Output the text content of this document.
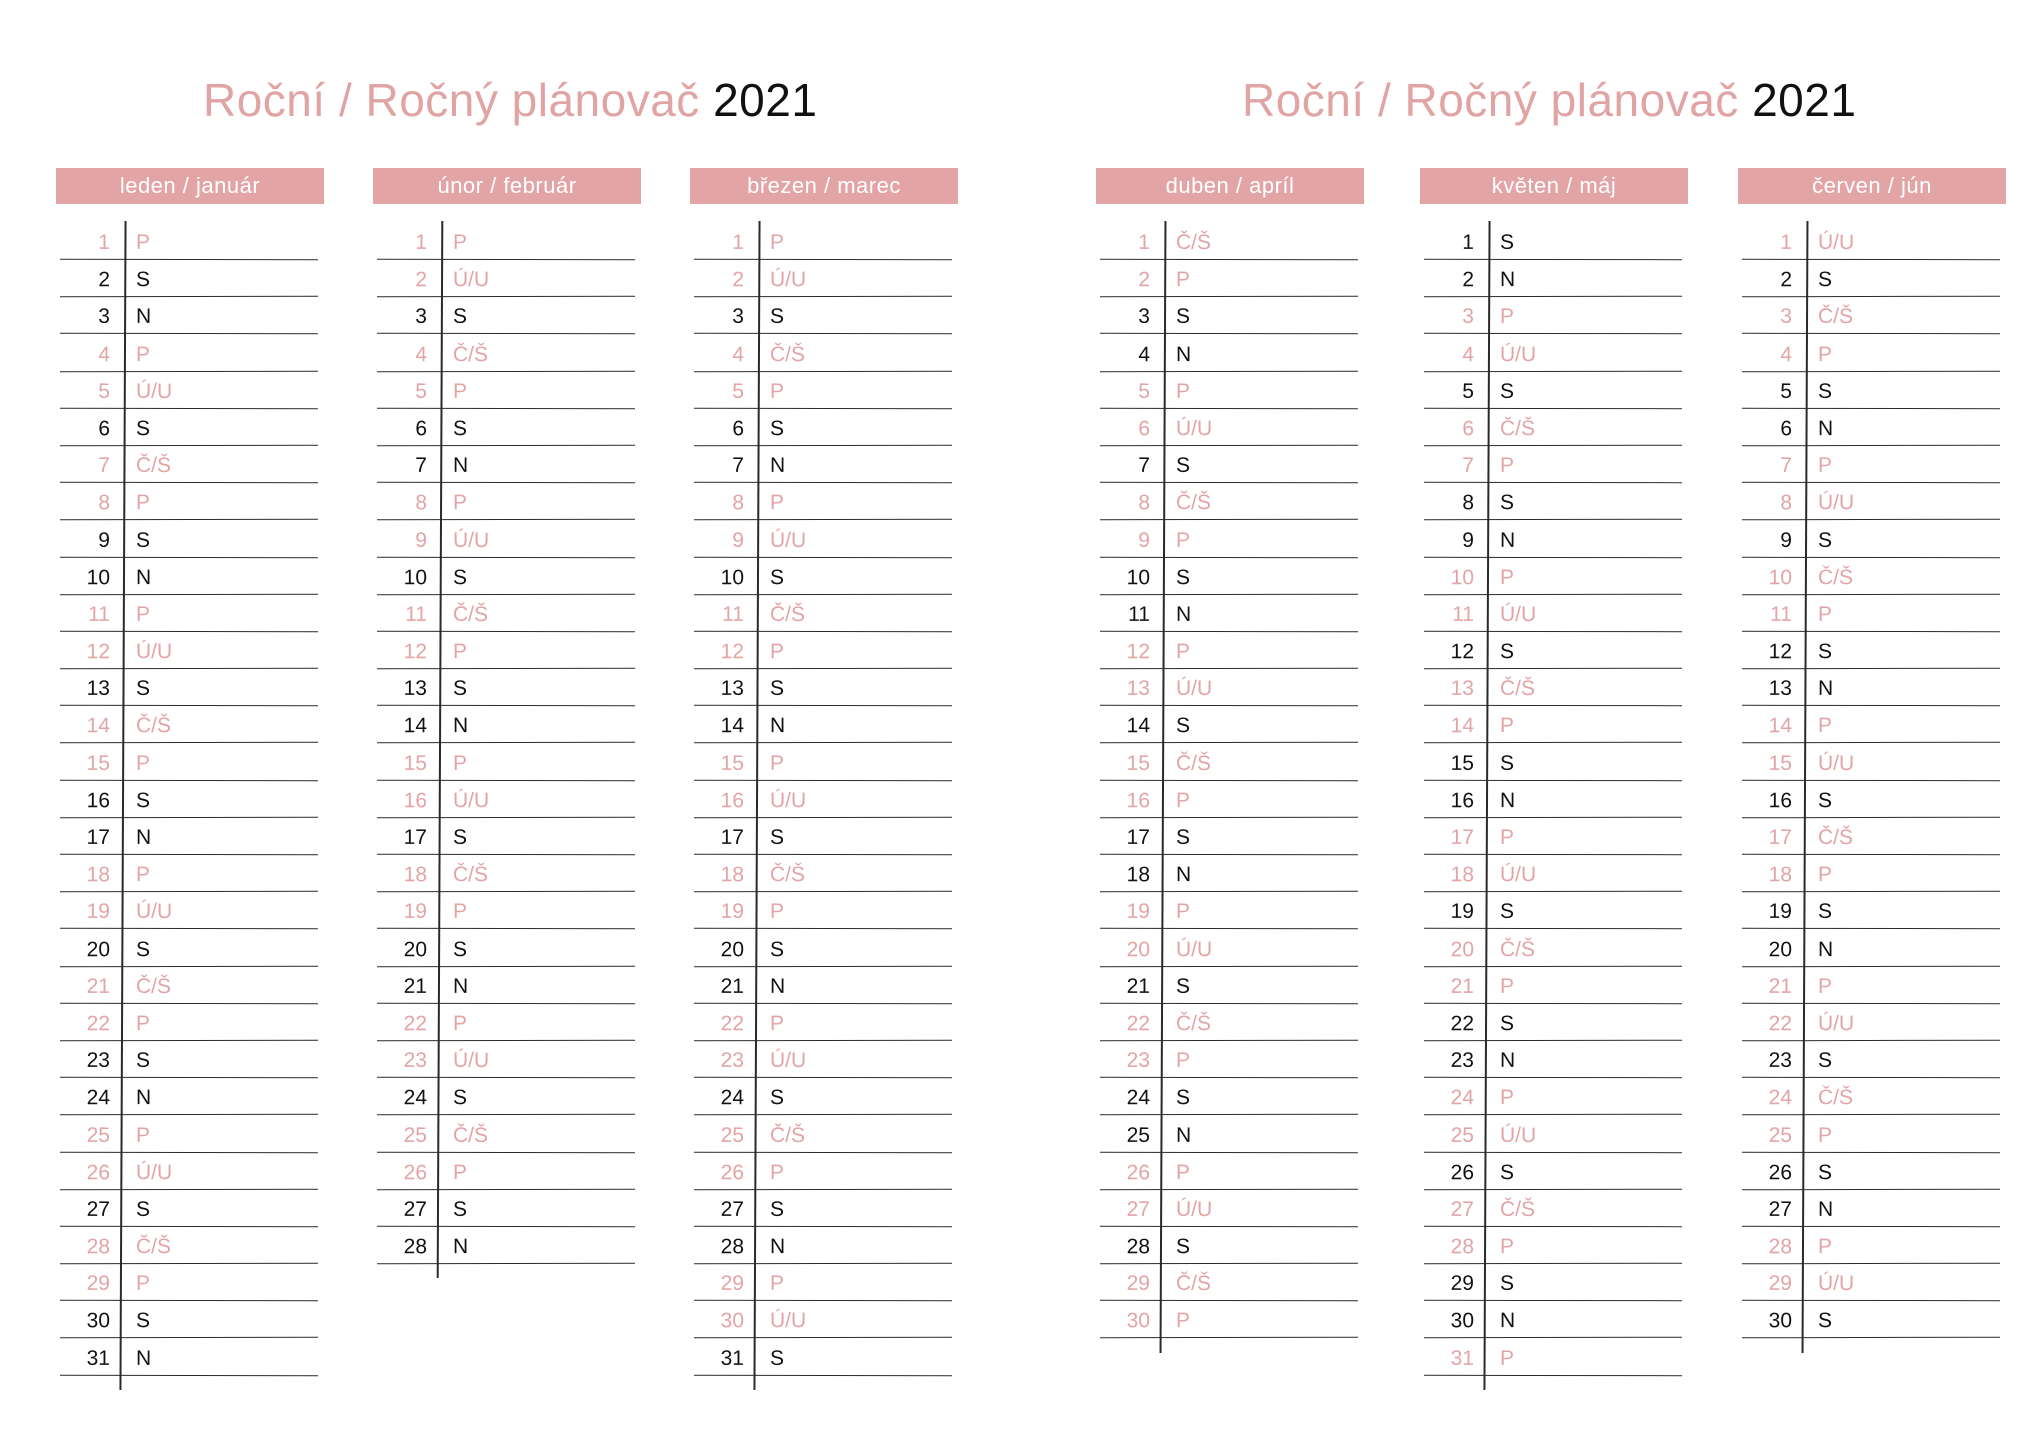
Roční / Ročný plánovač 2021	Roční / Ročný plánovač 2021
leden / január
1 P
2 S
3 N
4 P
5 Ú/U
6 S
7 Č/Š
8 P
9 S
10 N
11 P
12 Ú/U
13 S
14 Č/Š
15 P
16 S
17 N
18 P
19 Ú/U
20 S
21 Č/Š
22 P
23 S
24 N
25 P
26 Ú/U
27 S
28 Č/Š
29 P
30 S
31 N
únor / február
1 P
2 Ú/U
3 S
4 Č/Š
5 P
6 S
7 N
8 P
9 Ú/U
10 S
11 Č/Š
12 P
13 S
14 N
15 P
16 Ú/U
17 S
18 Č/Š
19 P
20 S
21 N
22 P
23 Ú/U
24 S
25 Č/Š
26 P
27 S
28 N
březen / marec
1 P
2 Ú/U
3 S
4 Č/Š
5 P
6 S
7 N
8 P
9 Ú/U
10 S
11 Č/Š
12 P
13 S
14 N
15 P
16 Ú/U
17 S
18 Č/Š
19 P
20 S
21 N
22 P
23 Ú/U
24 S
25 Č/Š
26 P
27 S
28 N
29 P
30 Ú/U
31 S
duben / apríl
1 Č/Š
2 P
3 S
4 N
5 P
6 Ú/U
7 S
8 Č/Š
9 P
10 S
11 N
12 P
13 Ú/U
14 S
15 Č/Š
16 P
17 S
18 N
19 P
20 Ú/U
21 S
22 Č/Š
23 P
24 S
25 N
26 P
27 Ú/U
28 S
29 Č/Š
30 P
květen / máj
1 S
2 N
3 P
4 Ú/U
5 S
6 Č/Š
7 P
8 S
9 N
10 P
11 Ú/U
12 S
13 Č/Š
14 P
15 S
16 N
17 P
18 Ú/U
19 S
20 Č/Š
21 P
22 S
23 N
24 P
25 Ú/U
26 S
27 Č/Š
28 P
29 S
30 N
31 P
červen / jún
1 Ú/U
2 S
3 Č/Š
4 P
5 S
6 N
7 P
8 Ú/U
9 S
10 Č/Š
11 P
12 S
13 N
14 P
15 Ú/U
16 S
17 Č/Š
18 P
19 S
20 N
21 P
22 Ú/U
23 S
24 Č/Š
25 P
26 S
27 N
28 P
29 Ú/U
30 S
